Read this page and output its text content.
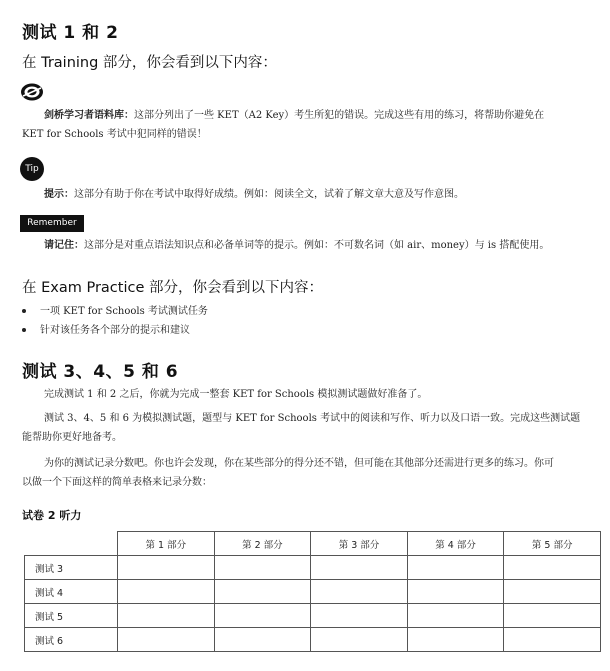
测试 1 和 2
在 Training 部分，你会看到以下内容：
剑桥学习者语料库：这部分列出了一些 KET（A2 Key）考生所犯的错误。完成这些有用的练习，将帮助你避免在
KET for Schools 考试中犯同样的错误！
Tip
提示：这部分有助于你在考试中取得好成绩。例如：阅读全文，试着了解文章大意及写作意图。
Remember
请记住：这部分是对重点语法知识点和必备单词等的提示。例如：不可数名词（如 air、money）与 is 搭配使用。
在 Exam Practice 部分，你会看到以下内容：
一项 KET for Schools 考试测试任务
针对该任务各个部分的提示和建议
测试 3、4、5 和 6
完成测试 1 和 2 之后，你就为完成一整套 KET for Schools 模拟测试题做好准备了。
测试 3、4、5 和 6 为模拟测试题，题型与 KET for Schools 考试中的阅读和写作、听力以及口语一致。完成这些测试题
能帮助你更好地备考。
为你的测试记录分数吧。你也许会发现，你在某些部分的得分还不错，但可能在其他部分还需进行更多的练习。你可
以做一个下面这样的简单表格来记录分数：
试卷 2 听力
	第 1 部分	第 2 部分	第 3 部分	第 4 部分	第 5 部分
测试 3					
测试 4					
测试 5					
测试 6					
